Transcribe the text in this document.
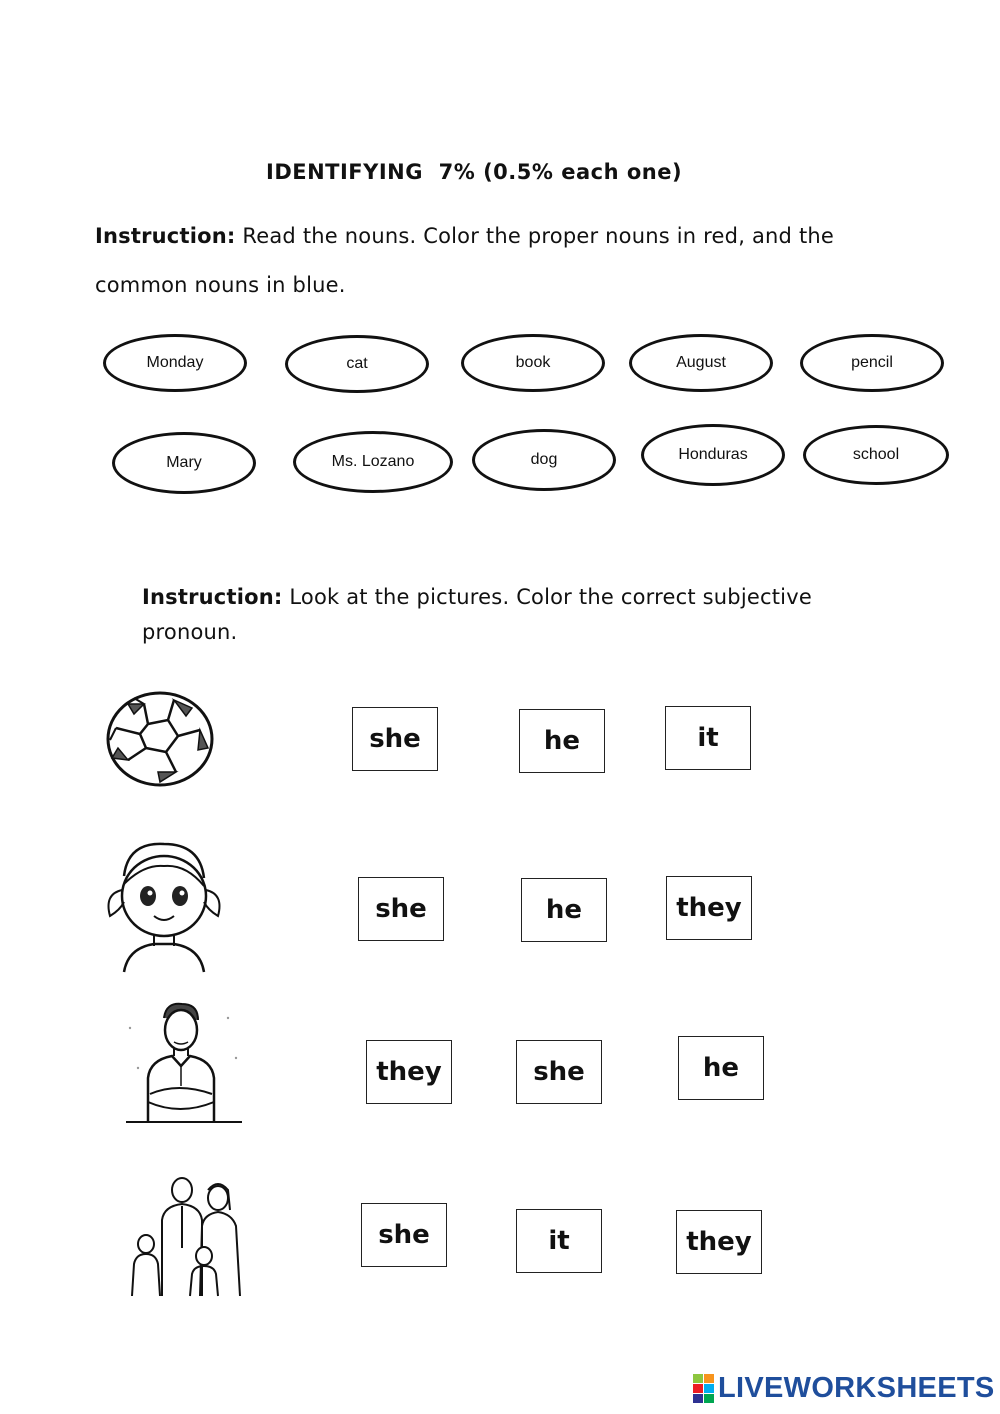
IDENTIFYING  7% (0.5% each one)
Instruction: Read the nouns. Color the proper nouns in red, and the
common nouns in blue.
Monday	cat	book	August	pencil
Mary	Ms. Lozano	dog	Honduras	school
Instruction: Look at the pictures. Color the correct subjective pronoun.
she	he	it
she	he	they
they	she	he
she	it	they
LIVEWORKSHEETS
